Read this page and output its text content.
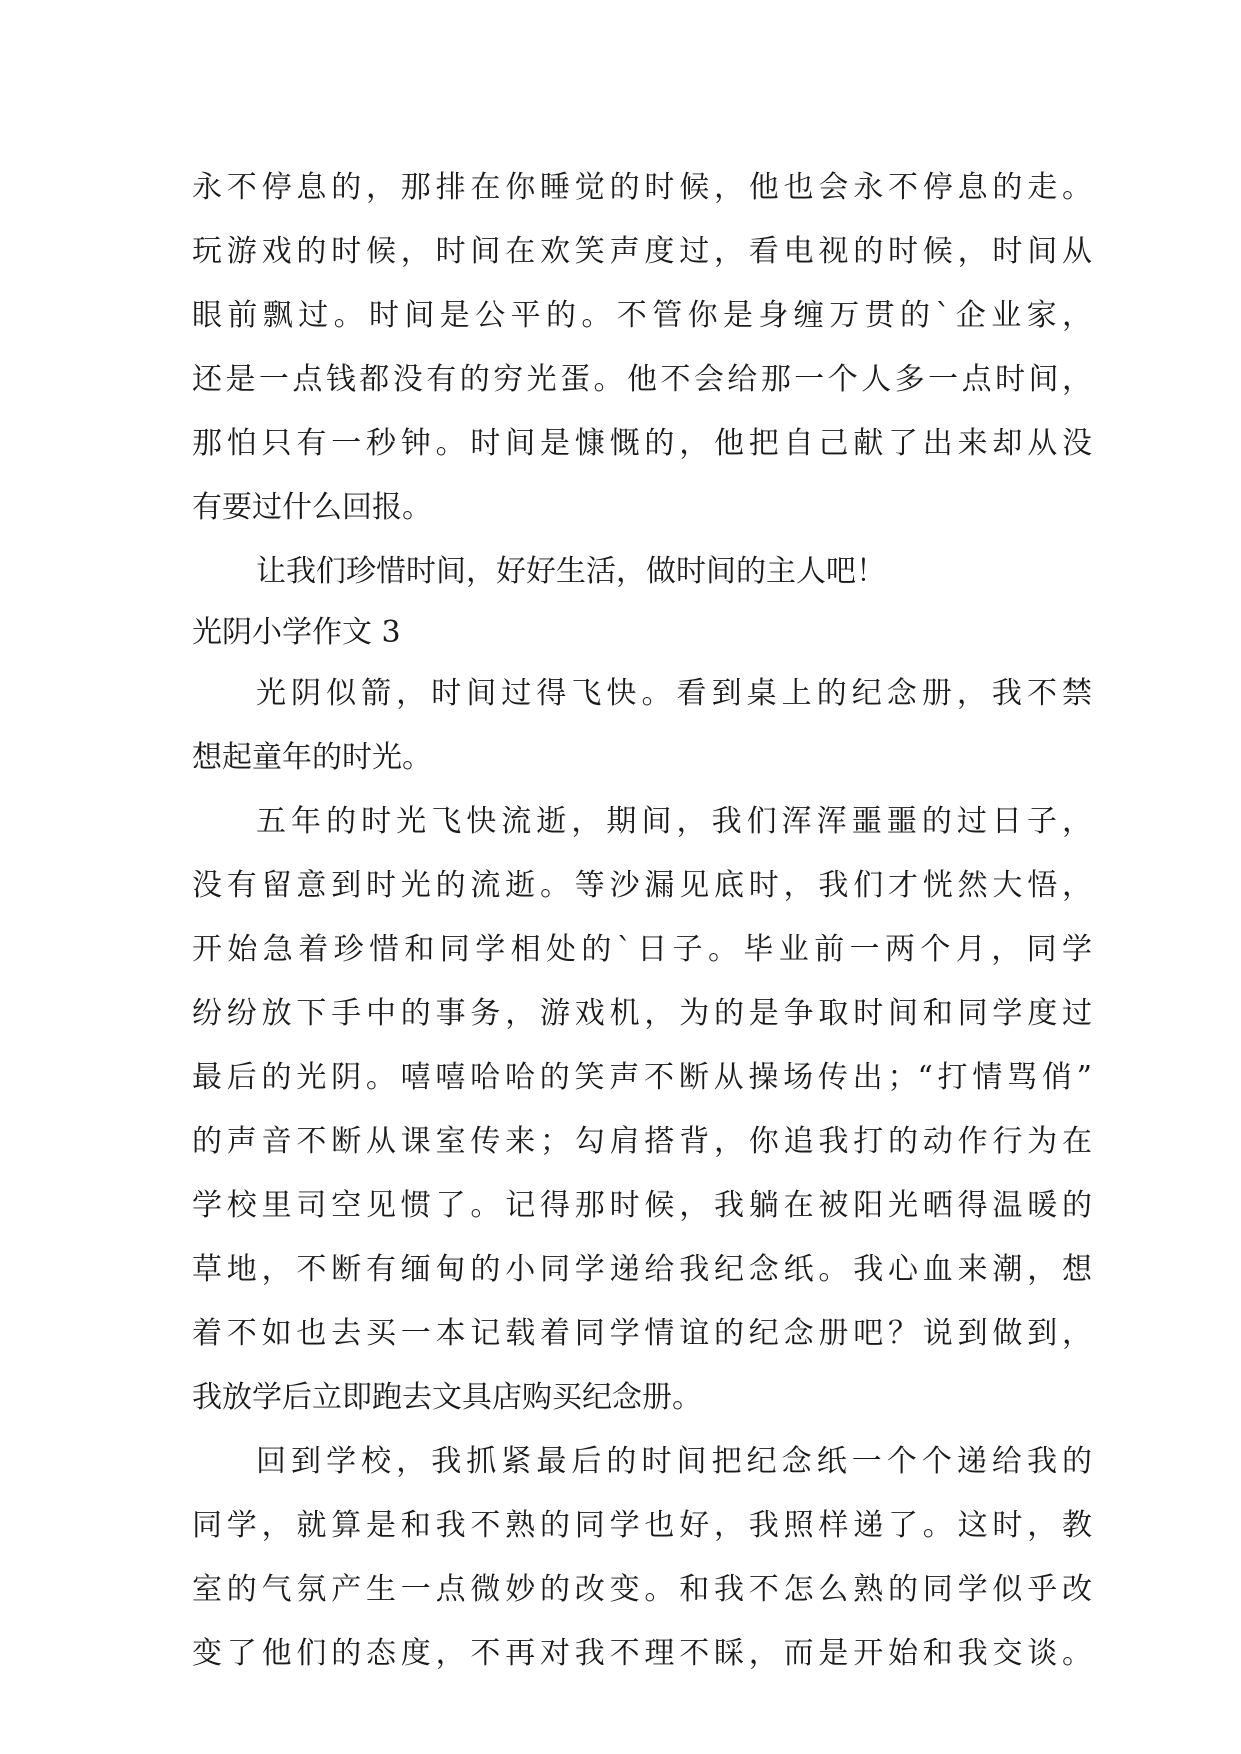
永不停息的，那排在你睡觉的时候，他也会永不停息的走。
玩游戏的时候，时间在欢笑声度过，看电视的时候，时间从
眼前飘过。时间是公平的。不管你是身缠万贯的`企业家，
还是一点钱都没有的穷光蛋。他不会给那一个人多一点时间，
那怕只有一秒钟。时间是慷慨的，他把自己献了出来却从没
有要过什么回报。
让我们珍惜时间，好好生活，做时间的主人吧！
光阴小学作文 3
光阴似箭，时间过得飞快。看到桌上的纪念册，我不禁
想起童年的时光。
五年的时光飞快流逝，期间，我们浑浑噩噩的过日子，
没有留意到时光的流逝。等沙漏见底时，我们才恍然大悟，
开始急着珍惜和同学相处的`日子。毕业前一两个月，同学
纷纷放下手中的事务，游戏机，为的是争取时间和同学度过
最后的光阴。嘻嘻哈哈的笑声不断从操场传出；“打情骂俏”
的声音不断从课室传来；勾肩搭背，你追我打的动作行为在
学校里司空见惯了。记得那时候，我躺在被阳光晒得温暖的
草地，不断有缅甸的小同学递给我纪念纸。我心血来潮，想
着不如也去买一本记载着同学情谊的纪念册吧？说到做到，
我放学后立即跑去文具店购买纪念册。
回到学校，我抓紧最后的时间把纪念纸一个个递给我的
同学，就算是和我不熟的同学也好，我照样递了。这时，教
室的气氛产生一点微妙的改变。和我不怎么熟的同学似乎改
变了他们的态度，不再对我不理不睬，而是开始和我交谈。
